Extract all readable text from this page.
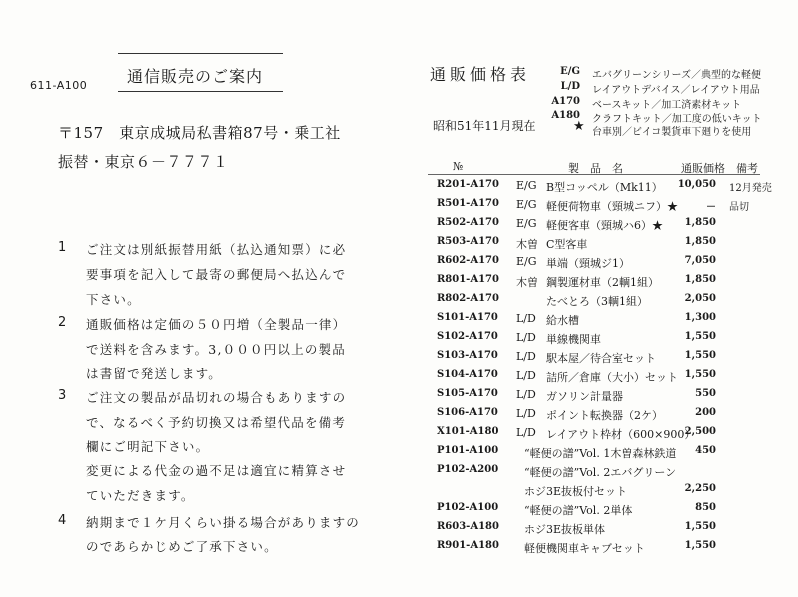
611-A100 通信販売のご案内
〒157　東京成城局私書箱87号・乗工社
振替・東京６－７７７１
1 ご注文は別紙振替用紙（払込通知票）に必
要事項を記入して最寄の郵便局へ払込んで
下さい。
2 通販価格は定価の５０円増（全製品一律）
で送料を含みます。3,０００円以上の製品
は書留で発送します。
3 ご注文の製品が品切れの場合もありますの
で、なるべく予約切換又は希望代品を備考
欄にご明記下さい。
変更による代金の過不足は適宜に精算させ
ていただきます。
4 納期まで１ケ月くらい掛る場合がありますの
のであらかじめご了承下さい。
通販価格表
昭和51年11月現在
E/G エバグリーンシリーズ／典型的な軽便
L/D レイアウトデバイス／レイアウト用品
A170 ベースキット／加工済素材キット
A180 クラフトキット／加工度の低いキット
★ 台車別／ビイコ製貨車下廻りを使用
№	製　品　名	通販価格 備考
R201-A170 E/G B型コッペル（Mk11）	10,050 12月発売
R501-A170 E/G 軽便荷物車（頸城ニフ）★	－ 品切
R502-A170 E/G 軽便客車（頸城ハ6）★	1,850
R503-A170 木曽 C型客車	1,850
R602-A170 E/G 単端（頸城ジ1）	7,050
R801-A170 木曽 鋼製運材車（2輌1組）	1,850
R802-A170	たべとろ（3輌1組）	2,050
S101-A170 L/D 給水槽	1,300
S102-A170 L/D 単線機関車	1,550
S103-A170 L/D 駅本屋／待合室セット	1,550
S104-A170 L/D 詰所／倉庫（大小）セット 1,550
S105-A170 L/D ガソリン計量器	550
S106-A170 L/D ポイント転換器（2ケ）	200
X101-A180 L/D レイアウト枠材（600×900）
2,500
P101-A100 “軽便の譜”Vol. 1木曽森林鉄道	450
P102-A200 “軽便の譜”Vol. 2エバグリーン
ホジ3E抜板付セット	2,250
P102-A100 “軽便の譜”Vol. 2単体	850
R603-A180 ホジ3E抜板単体	1,550
R901-A180 軽便機関車キャブセット	1,550
